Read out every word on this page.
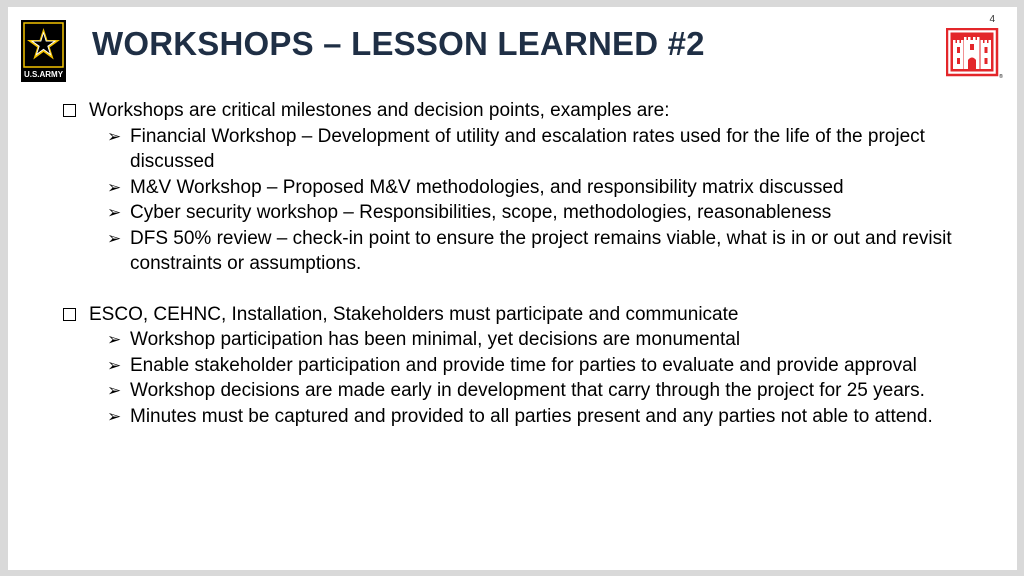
4
U.S.ARMY
WORKSHOPS – LESSON LEARNED #2
®
Workshops are critical milestones and decision points, examples are:
➢ Financial Workshop – Development of utility and escalation rates used for the life of the project discussed
➢ M&V Workshop – Proposed M&V methodologies, and responsibility matrix discussed
➢ Cyber security workshop – Responsibilities, scope, methodologies, reasonableness
➢ DFS 50% review – check-in point to ensure the project remains viable, what is in or out and revisit constraints or assumptions.
ESCO, CEHNC, Installation, Stakeholders must participate and communicate
➢ Workshop participation has been minimal, yet decisions are monumental
➢ Enable stakeholder participation and provide time for parties to evaluate and provide approval
➢ Workshop decisions are made early in development that carry through the project for 25 years.
➢ Minutes must be captured and provided to all parties present and any parties not able to attend.
